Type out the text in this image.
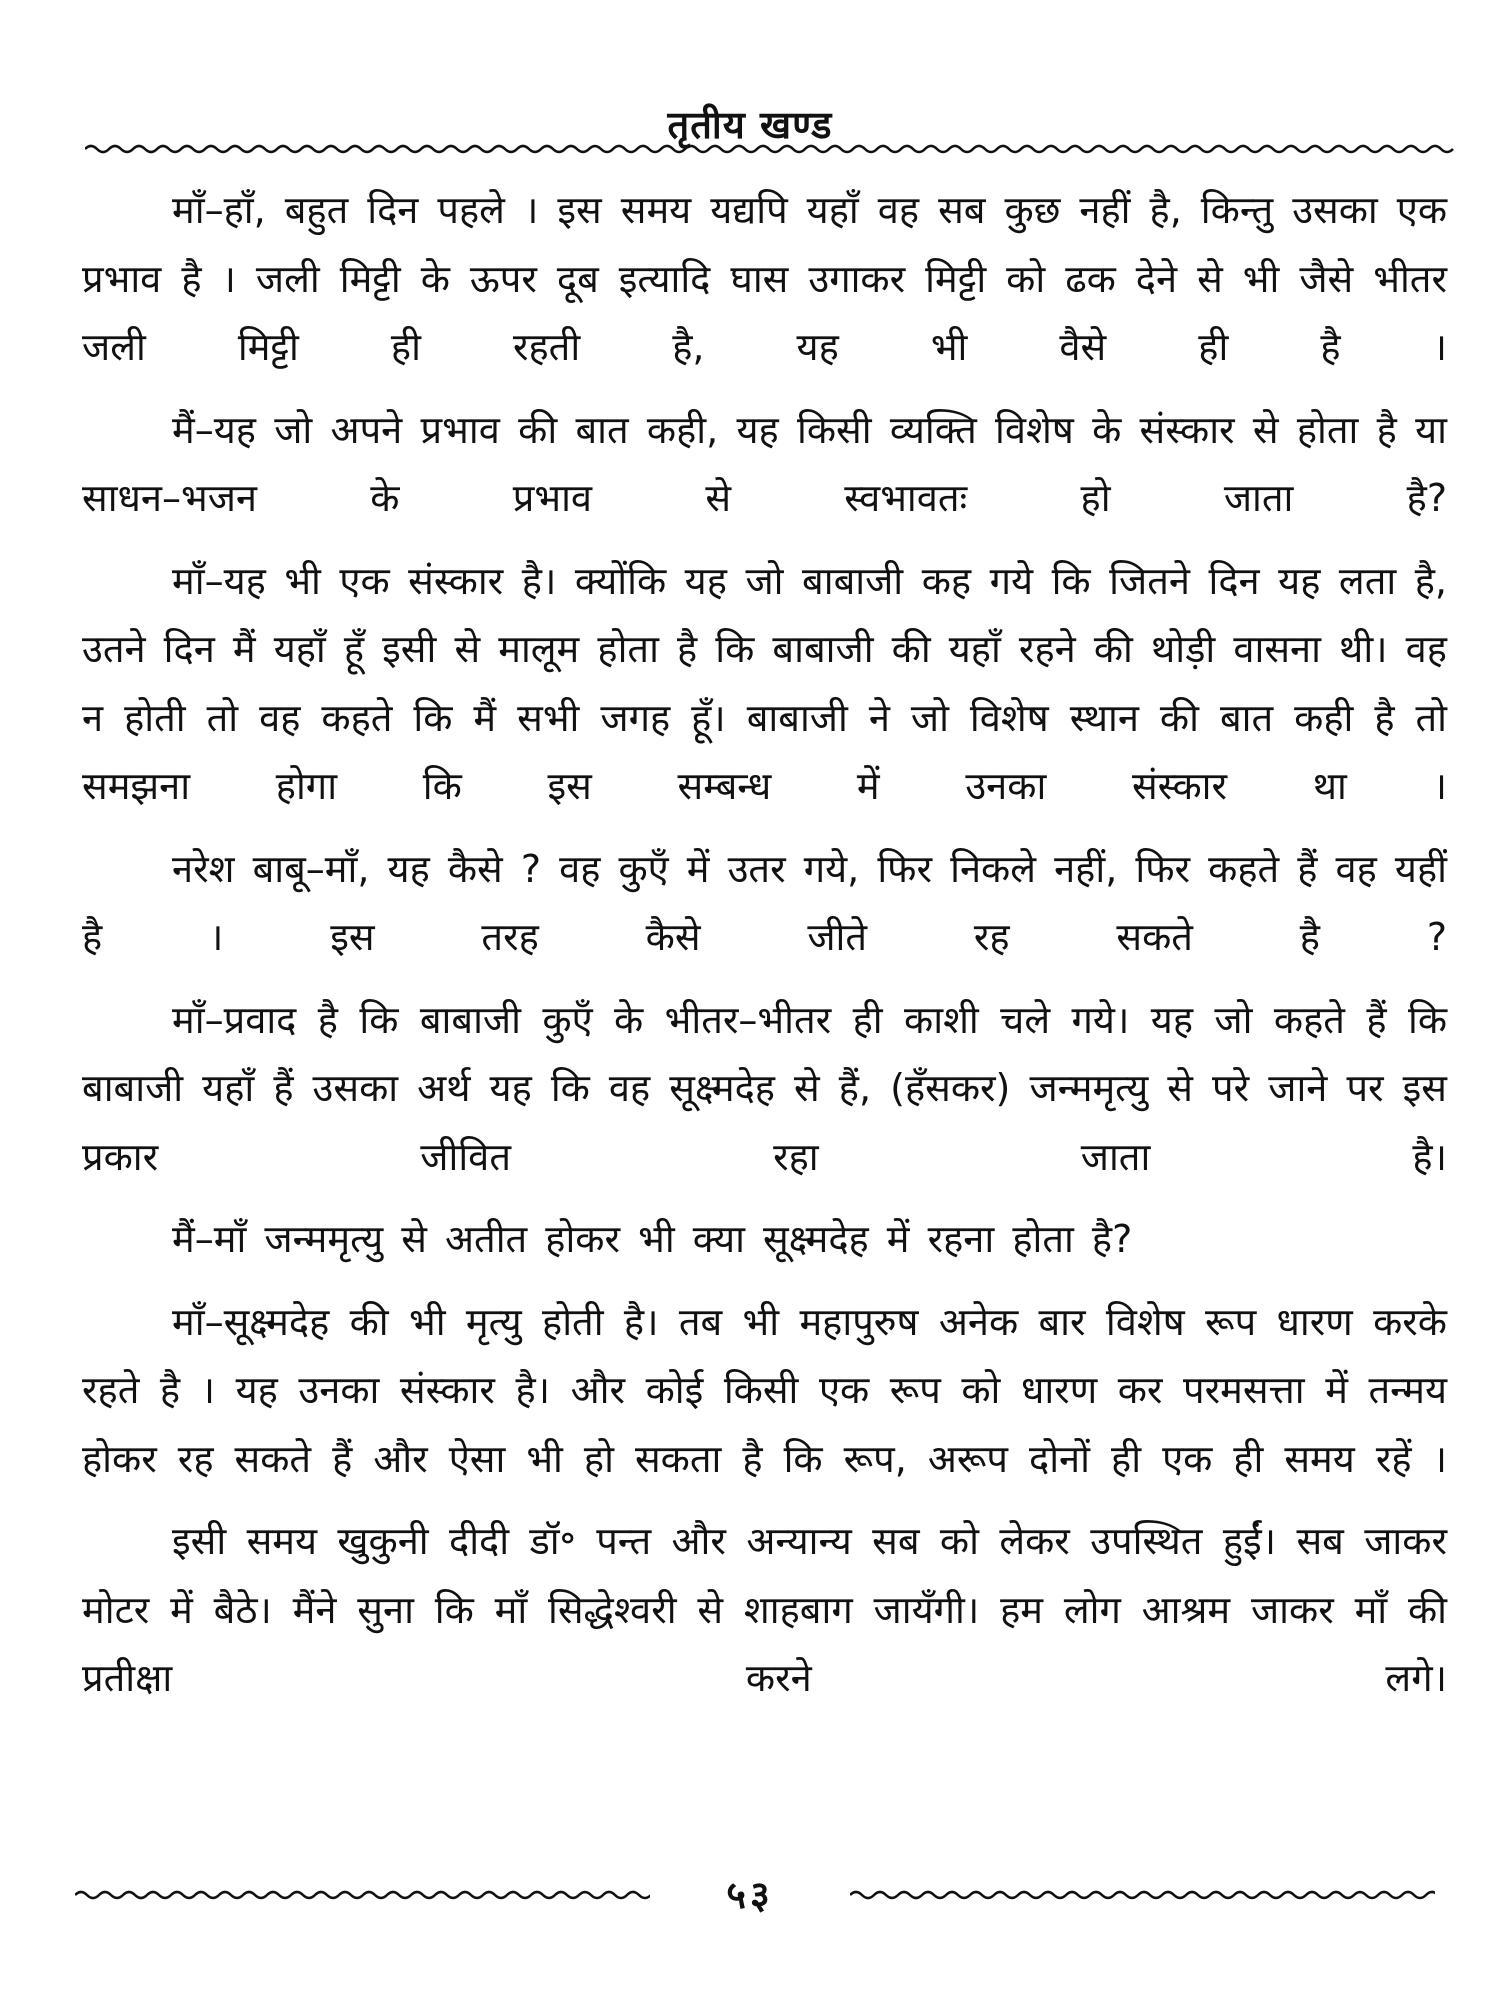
तृतीय खण्ड

माँ–हाँ, बहुत दिन पहले । इस समय यद्यपि यहाँ वह सब कुछ नहीं है, किन्तु उसका एक प्रभाव है । जली मिट्टी के ऊपर दूब इत्यादि घास उगाकर मिट्टी को ढक देने से भी जैसे भीतर जली मिट्टी ही रहती है, यह भी वैसे ही है ।

मैं–यह जो अपने प्रभाव की बात कही, यह किसी व्यक्ति विशेष के संस्कार से होता है या साधन–भजन के प्रभाव से स्वभावतः हो जाता है?

माँ–यह भी एक संस्कार है। क्योंकि यह जो बाबाजी कह गये कि जितने दिन यह लता है, उतने दिन मैं यहाँ हूँ इसी से मालूम होता है कि बाबाजी की यहाँ रहने की थोड़ी वासना थी। वह न होती तो वह कहते कि मैं सभी जगह हूँ। बाबाजी ने जो विशेष स्थान की बात कही है तो समझना होगा कि इस सम्बन्ध में उनका संस्कार था ।

नरेश बाबू–माँ, यह कैसे ? वह कुएँ में उतर गये, फिर निकले नहीं, फिर कहते हैं वह यहीं है । इस तरह कैसे जीते रह सकते है ?

माँ–प्रवाद है कि बाबाजी कुएँ के भीतर–भीतर ही काशी चले गये। यह जो कहते हैं कि बाबाजी यहाँ हैं उसका अर्थ यह कि वह सूक्ष्मदेह से हैं, (हँसकर) जन्ममृत्यु से परे जाने पर इस प्रकार जीवित रहा जाता है।

मैं–माँ जन्ममृत्यु से अतीत होकर भी क्या सूक्ष्मदेह में रहना होता है?

माँ–सूक्ष्मदेह की भी मृत्यु होती है। तब भी महापुरुष अनेक बार विशेष रूप धारण करके रहते है । यह उनका संस्कार है। और कोई किसी एक रूप को धारण कर परमसत्ता में तन्मय होकर रह सकते हैं और ऐसा भी हो सकता है कि रूप, अरूप दोनों ही एक ही समय रहें ।

इसी समय खुकुनी दीदी डॉ॰ पन्त और अन्यान्य सब को लेकर उपस्थित हुईं। सब जाकर मोटर में बैठे। मैंने सुना कि माँ सिद्धेश्वरी से शाहबाग जायँगी। हम लोग आश्रम जाकर माँ की प्रतीक्षा करने लगे।

५३
